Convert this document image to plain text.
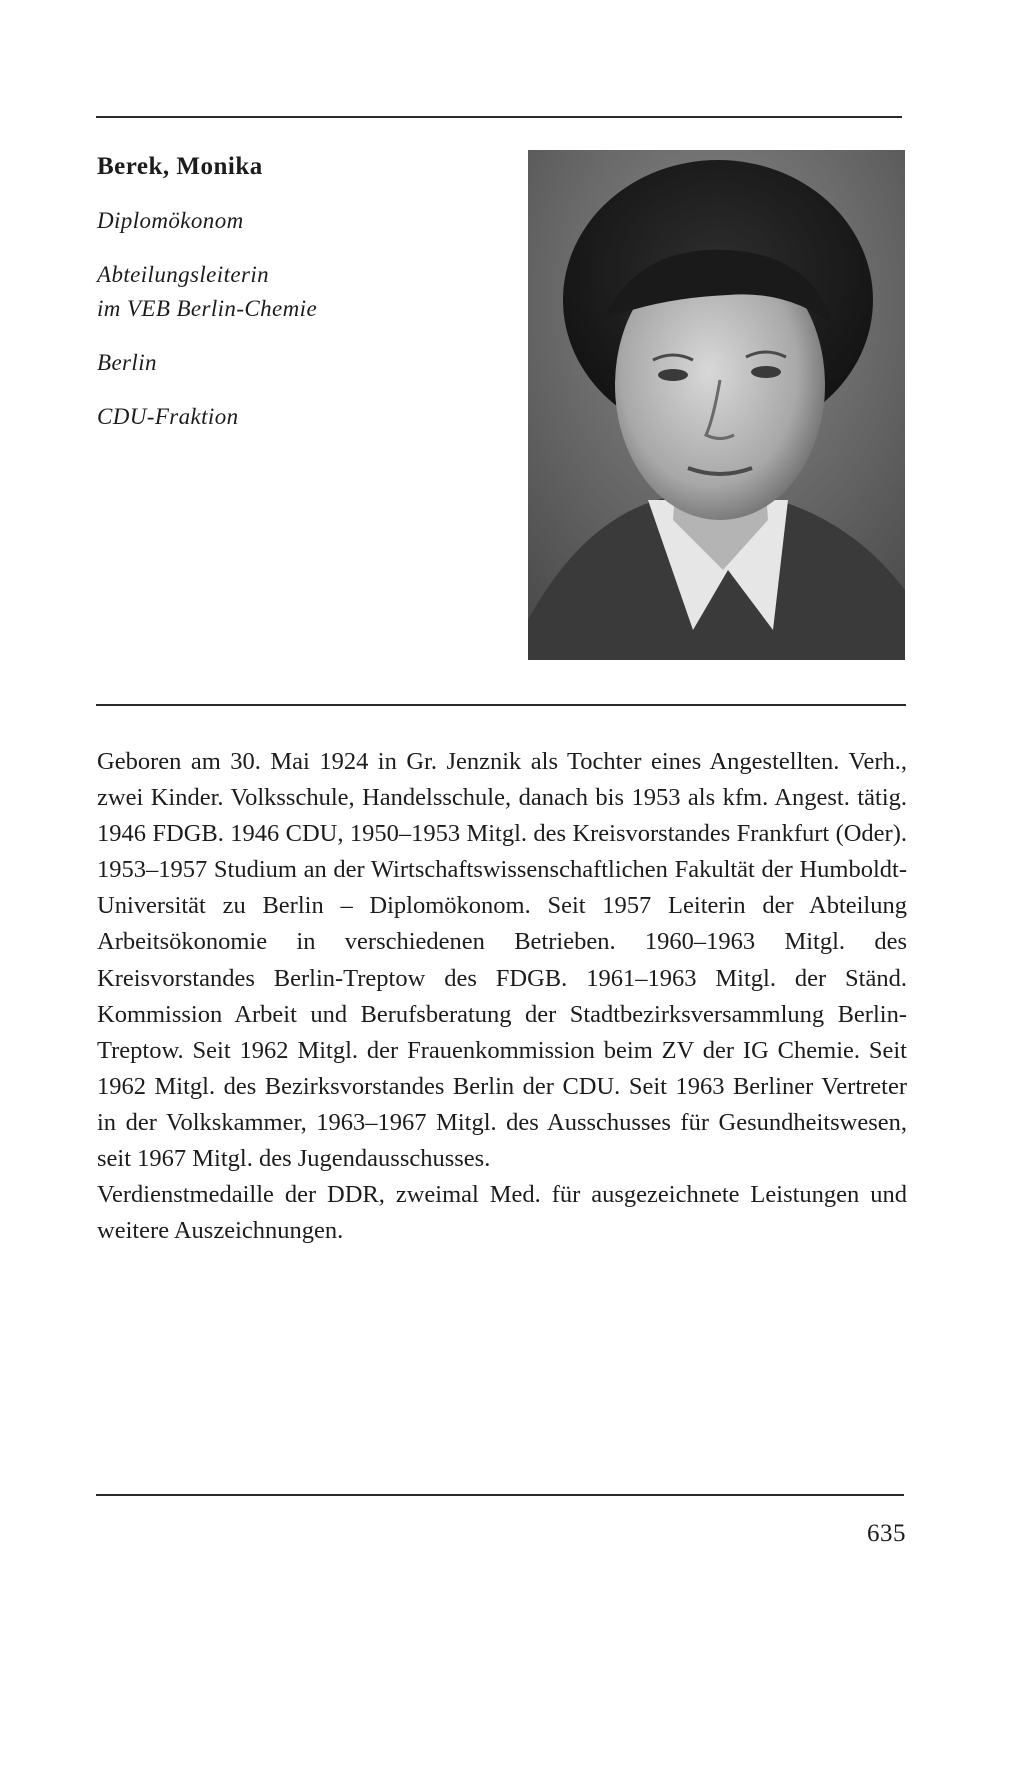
Berek, Monika
Diplomökonom
Abteilungsleiterin
im VEB Berlin-Chemie
Berlin
CDU-Fraktion

Geboren am 30. Mai 1924 in Gr. Jenznik als Tochter eines Angestellten. Verh., zwei Kinder. Volksschule, Handelsschule, danach bis 1953 als kfm. Angest. tätig. 1946 FDGB. 1946 CDU, 1950–1953 Mitgl. des Kreisvorstandes Frankfurt (Oder). 1953–1957 Studium an der Wirtschaftswissenschaftlichen Fakultät der Humboldt-Universität zu Berlin – Diplomökonom. Seit 1957 Leiterin der Abteilung Arbeitsökonomie in verschiedenen Betrieben. 1960–1963 Mitgl. des Kreisvorstandes Berlin-Treptow des FDGB. 1961–1963 Mitgl. der Ständ. Kommission Arbeit und Berufsberatung der Stadtbezirksversammlung Berlin-Treptow. Seit 1962 Mitgl. der Frauenkommission beim ZV der IG Chemie. Seit 1962 Mitgl. des Bezirksvorstandes Berlin der CDU. Seit 1963 Berliner Vertreter in der Volkskammer, 1963–1967 Mitgl. des Ausschusses für Gesundheitswesen, seit 1967 Mitgl. des Jugendausschusses.

Verdienstmedaille der DDR, zweimal Med. für ausgezeichnete Leistungen und weitere Auszeichnungen.

635
